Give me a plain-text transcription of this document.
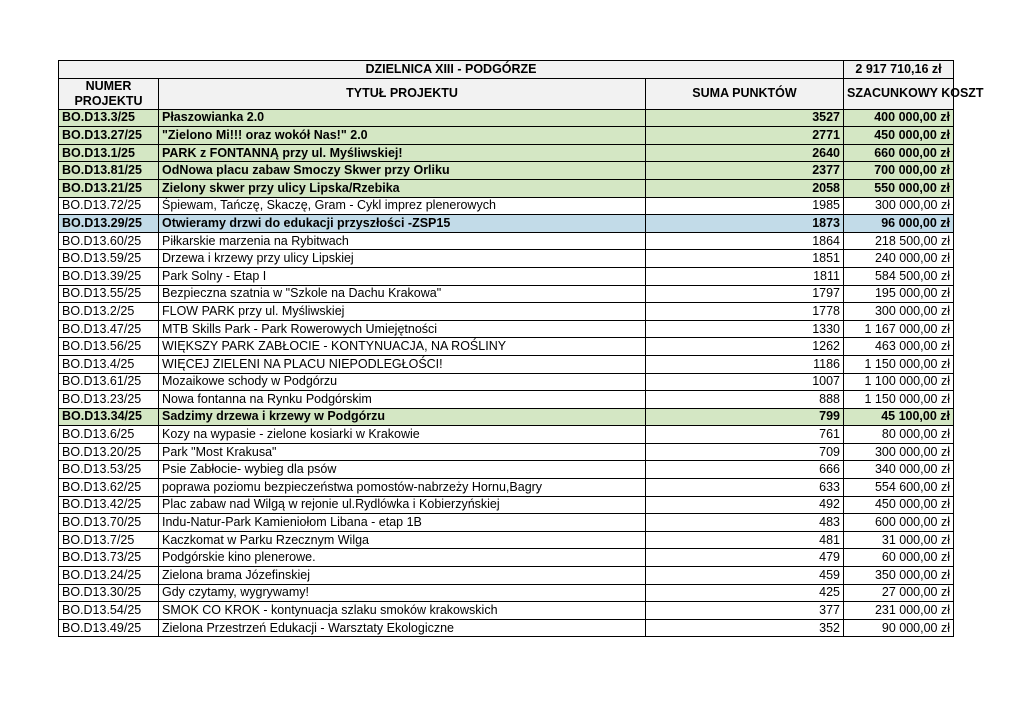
DZIELNICA XIII - PODGÓRZE			2 917 710,16 zł
NUMER PROJEKTU	TYTUŁ PROJEKTU	SUMA PUNKTÓW	SZACUNKOWY KOSZT
BO.D13.3/25	Płaszowianka 2.0	3527	400 000,00 zł
BO.D13.27/25	"Zielono Mi!!! oraz wokół Nas!" 2.0	2771	450 000,00 zł
BO.D13.1/25	PARK z FONTANNĄ przy ul. Myśliwskiej!	2640	660 000,00 zł
BO.D13.81/25	OdNowa placu zabaw Smoczy Skwer przy Orliku	2377	700 000,00 zł
BO.D13.21/25	Zielony skwer przy ulicy Lipska/Rzebika	2058	550 000,00 zł
BO.D13.72/25	Śpiewam, Tańczę, Skaczę, Gram - Cykl imprez plenerowych	1985	300 000,00 zł
BO.D13.29/25	Otwieramy drzwi do edukacji przyszłości -ZSP15	1873	96 000,00 zł
BO.D13.60/25	Piłkarskie marzenia na Rybitwach	1864	218 500,00 zł
BO.D13.59/25	Drzewa i krzewy przy ulicy Lipskiej	1851	240 000,00 zł
BO.D13.39/25	Park Solny - Etap I	1811	584 500,00 zł
BO.D13.55/25	Bezpieczna szatnia w "Szkole na Dachu Krakowa"	1797	195 000,00 zł
BO.D13.2/25	FLOW PARK przy ul. Myśliwskiej	1778	300 000,00 zł
BO.D13.47/25	MTB Skills Park - Park Rowerowych Umiejętności	1330	1 167 000,00 zł
BO.D13.56/25	WIĘKSZY PARK ZABŁOCIE - KONTYNUACJA, NA ROŚLINY	1262	463 000,00 zł
BO.D13.4/25	WIĘCEJ ZIELENI NA PLACU NIEPODLEGŁOŚCI!	1186	1 150 000,00 zł
BO.D13.61/25	Mozaikowe schody w Podgórzu	1007	1 100 000,00 zł
BO.D13.23/25	Nowa fontanna na Rynku Podgórskim	888	1 150 000,00 zł
BO.D13.34/25	Sadzimy drzewa i krzewy w Podgórzu	799	45 100,00 zł
BO.D13.6/25	Kozy na wypasie - zielone kosiarki w Krakowie	761	80 000,00 zł
BO.D13.20/25	Park "Most Krakusa"	709	300 000,00 zł
BO.D13.53/25	Psie Zabłocie- wybieg dla psów	666	340 000,00 zł
BO.D13.62/25	poprawa poziomu bezpieczeństwa pomostów-nabrzeży Hornu,Bagry	633	554 600,00 zł
BO.D13.42/25	Plac zabaw nad Wilgą w rejonie ul.Rydlówka i Kobierzyńskiej	492	450 000,00 zł
BO.D13.70/25	Indu-Natur-Park Kamieniołom Libana - etap 1B	483	600 000,00 zł
BO.D13.7/25	Kaczkomat w Parku Rzecznym Wilga	481	31 000,00 zł
BO.D13.73/25	Podgórskie kino plenerowe.	479	60 000,00 zł
BO.D13.24/25	Zielona brama Józefinskiej	459	350 000,00 zł
BO.D13.30/25	Gdy czytamy, wygrywamy!	425	27 000,00 zł
BO.D13.54/25	SMOK CO KROK - kontynuacja szlaku smoków krakowskich	377	231 000,00 zł
BO.D13.49/25	Zielona Przestrzeń Edukacji - Warsztaty Ekologiczne	352	90 000,00 zł
